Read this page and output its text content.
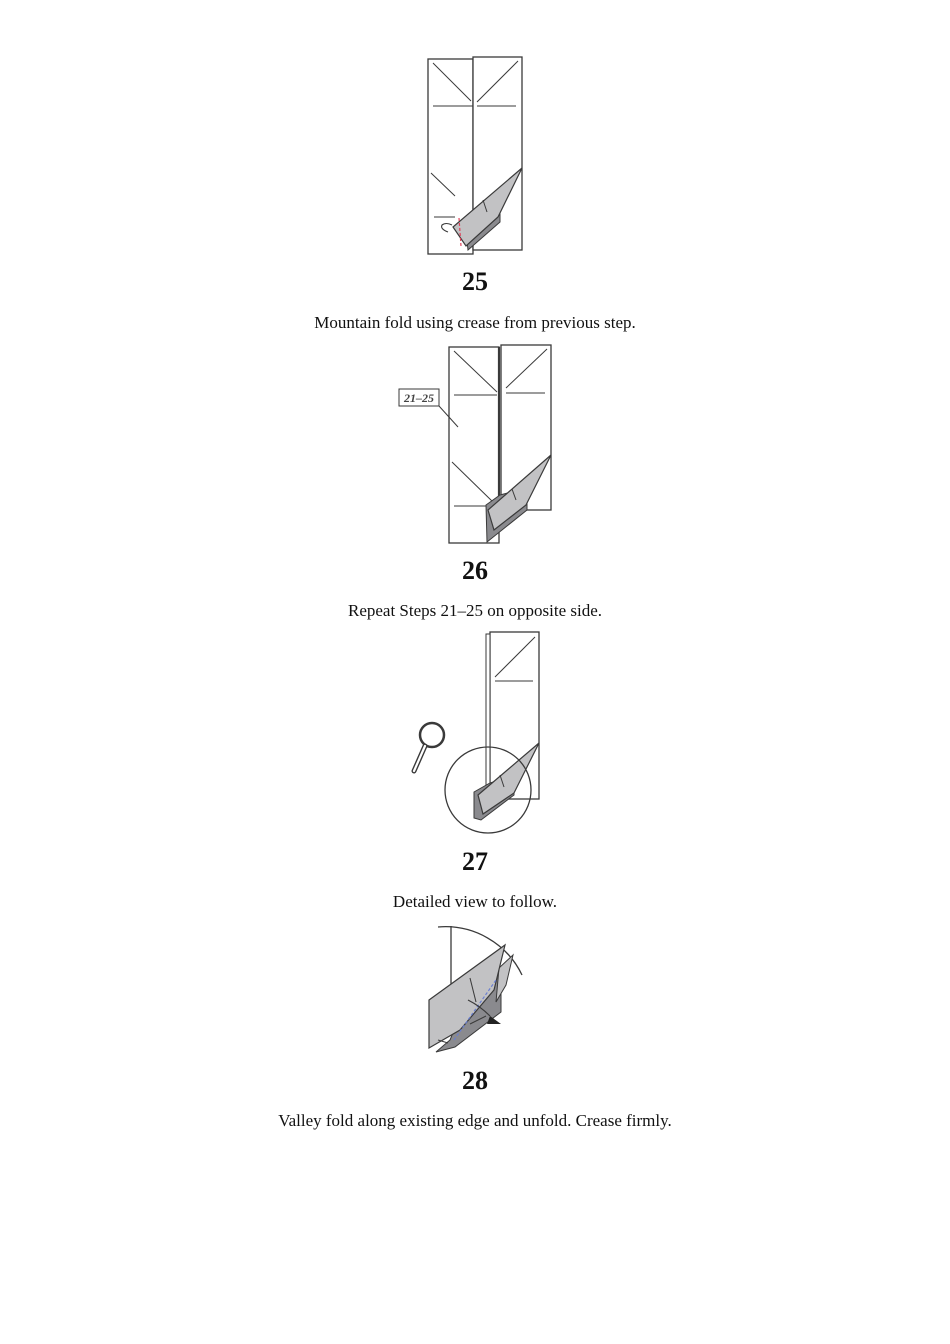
25
Mountain fold using crease from previous step.
21–25
26
Repeat Steps 21–25 on opposite side.
27
Detailed view to follow.
28
Valley fold along existing edge and unfold. Crease firmly.
